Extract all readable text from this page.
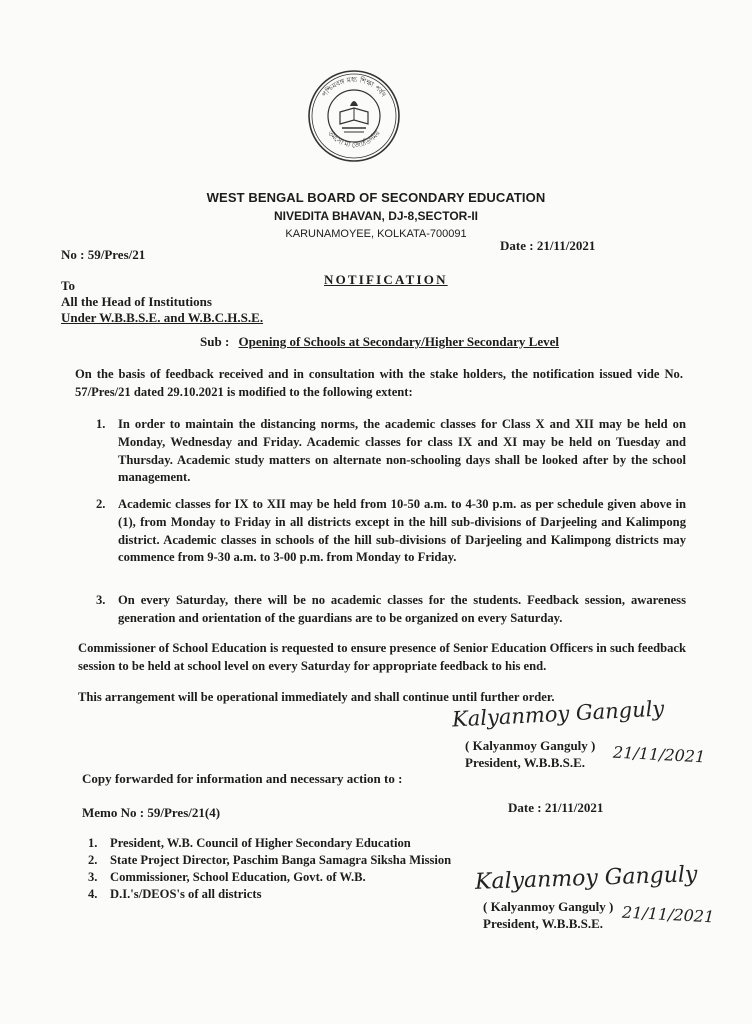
পশ্চিমবঙ্গ মধ্য শিক্ষা পর্ষদ
তমসো মা জ্যোতির্গময়
WEST BENGAL BOARD OF SECONDARY EDUCATION
NIVEDITA BHAVAN, DJ-8,SECTOR-II
KARUNAMOYEE, KOLKATA-700091
No : 59/Pres/21
Date : 21/11/2021
NOTIFICATION
To
All the Head of Institutions
Under W.B.B.S.E. and W.B.C.H.S.E.
Sub : Opening of Schools at Secondary/Higher Secondary Level
On the basis of feedback received and in consultation with the stake holders, the notification issued vide No. 57/Pres/21 dated 29.10.2021 is modified to the following extent:
1. In order to maintain the distancing norms, the academic classes for Class X and XII may be held on Monday, Wednesday and Friday. Academic classes for class IX and XI may be held on Tuesday and Thursday. Academic study matters on alternate non-schooling days shall be looked after by the school management.
2. Academic classes for IX to XII may be held from 10-50 a.m. to 4-30 p.m. as per schedule given above in (1), from Monday to Friday in all districts except in the hill sub-divisions of Darjeeling and Kalimpong district. Academic classes in schools of the hill sub-divisions of Darjeeling and Kalimpong districts may commence from 9-30 a.m. to 3-00 p.m. from Monday to Friday.
3. On every Saturday, there will be no academic classes for the students. Feedback session, awareness generation and orientation of the guardians are to be organized on every Saturday.
Commissioner of School Education is requested to ensure presence of Senior Education Officers in such feedback session to be held at school level on every Saturday for appropriate feedback to his end.
This arrangement will be operational immediately and shall continue until further order.
Kalyanmoy Ganguly
( Kalyanmoy Ganguly )
President, W.B.B.S.E.	21/11/2021
Copy forwarded for information and necessary action to :
Memo No : 59/Pres/21(4)	Date : 21/11/2021
1. President, W.B. Council of Higher Secondary Education
2. State Project Director, Paschim Banga Samagra Siksha Mission
3. Commissioner, School Education, Govt. of W.B.
4. D.I.'s/DEOS's of all districts	Kalyanmoy Ganguly
( Kalyanmoy Ganguly )
President, W.B.B.S.E.	21/11/2021
